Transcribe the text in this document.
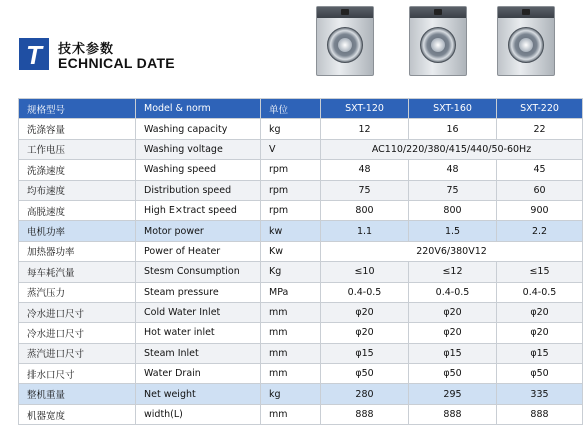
T 技术参数
ECHNICAL DATE
规格型号	Model & norm	单位	SXT-120	SXT-160	SXT-220
洗涤容量	Washing capacity	kg	12	16	22
工作电压	Washing voltage	V	AC110/220/380/415/440/50-60Hz		
洗涤速度	Washing speed	rpm	48	48	45
均布速度	Distribution speed	rpm	75	75	60
高脱速度	High E×tract speed	rpm	800	800	900
电机功率	Motor power	kw	1.1	1.5	2.2
加热器功率	Power of Heater	Kw	220V6/380V12		
每车耗汽量	Stesm Consumption	Kg	≤10	≤12	≤15
蒸汽压力	Steam pressure	MPa	0.4-0.5	0.4-0.5	0.4-0.5
冷水进口尺寸	Cold Water Inlet	mm	φ20	φ20	φ20
冷水进口尺寸	Hot water inlet	mm	φ20	φ20	φ20
蒸汽进口尺寸	Steam Inlet	mm	φ15	φ15	φ15
排水口尺寸	Water Drain	mm	φ50	φ50	φ50
整机重量	Net weight	kg	280	295	335
机器宽度	width(L)	mm	888	888	888
